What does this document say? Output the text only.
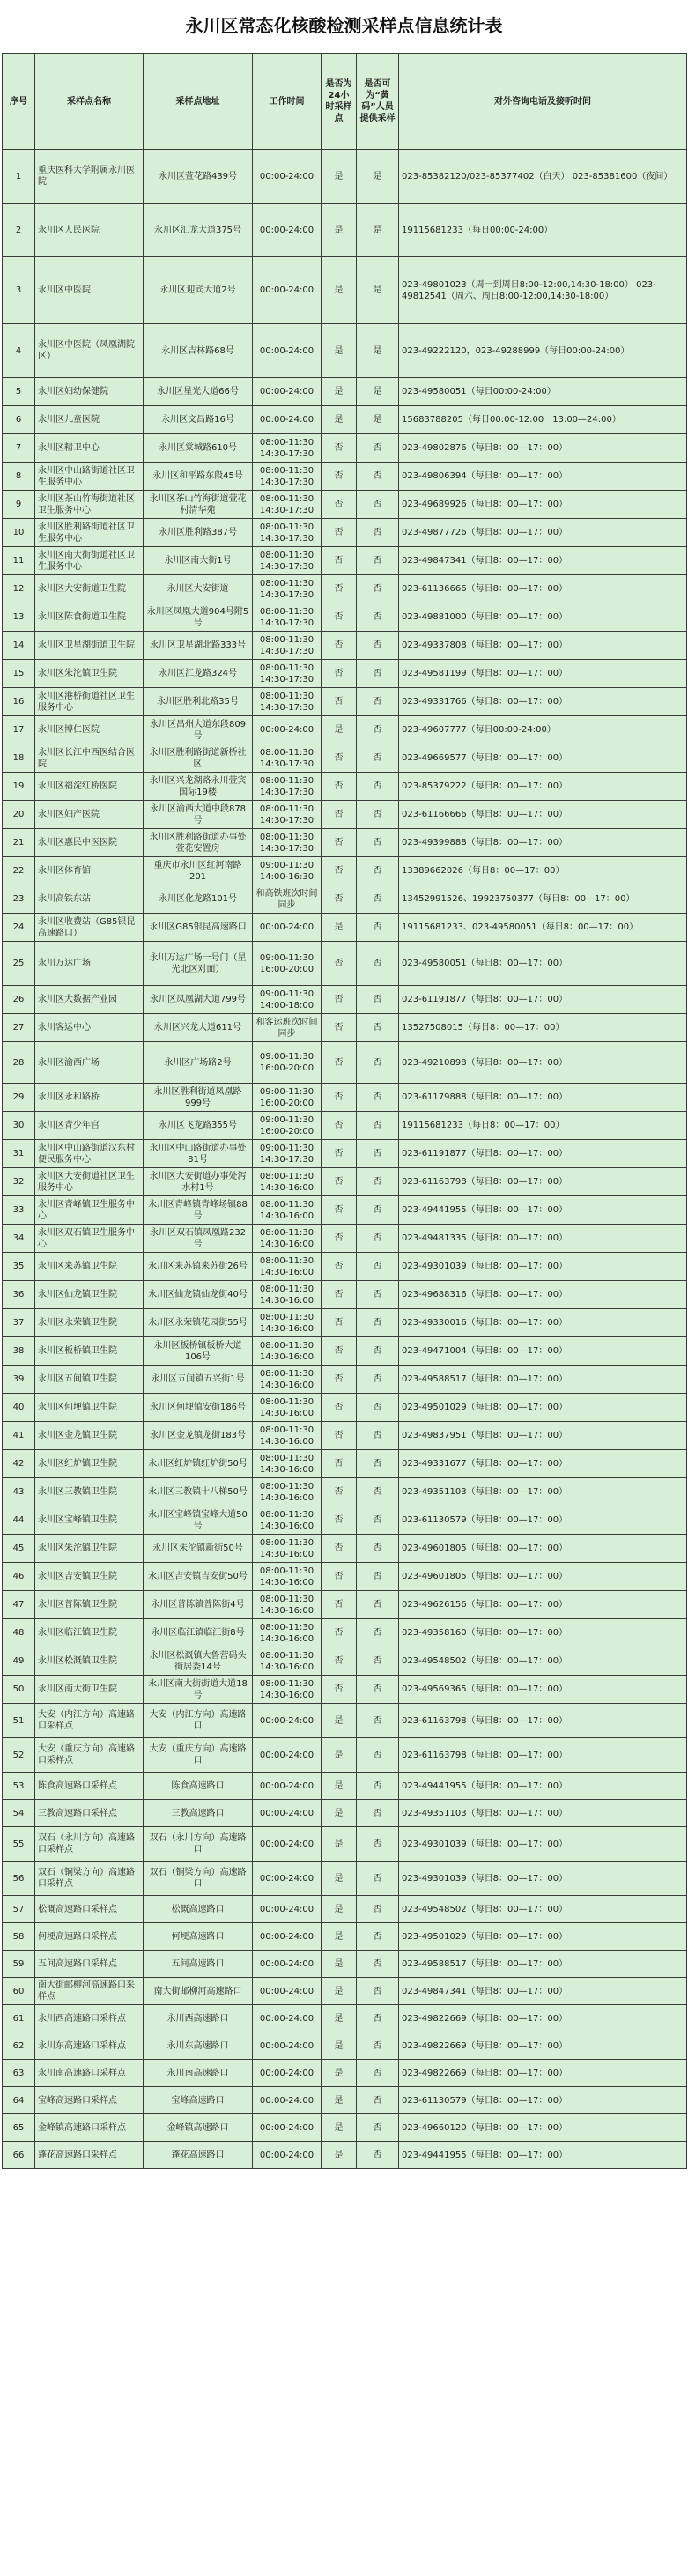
永川区常态化核酸检测采样点信息统计表
序号	采样点名称	采样点地址	工作时间	是否为24小时采样点	是否可为“黄码”人员提供采样	对外咨询电话及接听时间
1	重庆医科大学附属永川医院	永川区萱花路439号	00:00-24:00	是	是	023-85382120/023-85377402（白天） 023-85381600（夜间）
2	永川区人民医院	永川区汇龙大道375号	00:00-24:00	是	是	19115681233（每日00:00-24:00）
3	永川区中医院	永川区迎宾大道2号	00:00-24:00	是	是	023-49801023（周一到周日8:00-12:00,14:30-18:00） 023-49812541（周六、周日8:00-12:00,14:30-18:00）
4	永川区中医院（凤凰湖院区）	永川区吉林路68号	00:00-24:00	是	是	023-49222120，023-49288999（每日00:00-24:00）
5	永川区妇幼保健院	永川区星光大道66号	00:00-24:00	是	是	023-49580051（每日00:00-24:00）
6	永川区儿童医院	永川区文昌路16号	00:00-24:00	是	是	15683788205（每日00:00-12:00　13:00—24:00）
7	永川区精卫中心	永川区棠城路610号	08:00-11:30 14:30-17:30	否	否	023-49802876（每日8：00—17：00）
8	永川区中山路街道社区卫生服务中心	永川区和平路东段45号	08:00-11:30 14:30-17:30	否	否	023-49806394（每日8：00—17：00）
9	永川区茶山竹海街道社区卫生服务中心	永川区茶山竹海街道萱花村清华苑	08:00-11:30 14:30-17:30	否	否	023-49689926（每日8：00—17：00）
10	永川区胜利路街道社区卫生服务中心	永川区胜利路387号	08:00-11:30 14:30-17:30	否	否	023-49877726（每日8：00—17：00）
11	永川区南大街街道社区卫生服务中心	永川区南大街1号	08:00-11:30 14:30-17:30	否	否	023-49847341（每日8：00—17：00）
12	永川区大安街道卫生院	永川区大安街道	08:00-11:30 14:30-17:30	否	否	023-61136666（每日8：00—17：00）
13	永川区陈食街道卫生院	永川区凤凰大道904号附5号	08:00-11:30 14:30-17:30	否	否	023-49881000（每日8：00—17：00）
14	永川区卫星湖街道卫生院	永川区卫星湖北路333号	08:00-11:30 14:30-17:30	否	否	023-49337808（每日8：00—17：00）
15	永川区朱沱镇卫生院	永川区汇龙路324号	08:00-11:30 14:30-17:30	否	否	023-49581199（每日8：00—17：00）
16	永川区港桥街道社区卫生服务中心	永川区胜利北路35号	08:00-11:30 14:30-17:30	否	否	023-49331766（每日8：00—17：00）
17	永川区博仁医院	永川区昌州大道东段809号	00:00-24:00	是	否	023-49607777（每日00:00-24:00）
18	永川区长江中西医结合医院	永川区胜利路街道新桥社区	08:00-11:30 14:30-17:30	否	否	023-49669577（每日8：00—17：00）
19	永川区福淀红桥医院	永川区兴龙湖路永川萱宾国际19楼	08:00-11:30 14:30-17:30	否	否	023-85379222（每日8：00—17：00）
20	永川区妇产医院	永川区渝西大道中段878号	08:00-11:30 14:30-17:30	否	否	023-61166666（每日8：00—17：00）
21	永川区惠民中医医院	永川区胜利路街道办事处萱花安置房	08:00-11:30 14:30-17:30	否	否	023-49399888（每日8：00—17：00）
22	永川区体育馆	重庆市永川区红河南路201	09:00-11:30 14:00-16:30	否	否	13389662026（每日8：00—17：00）
23	永川高铁东站	永川区化龙路101号	和高铁班次时间同步	否	否	13452991526、19923750377（每日8：00—17：00）
24	永川区收费站（G85银昆高速路口）	永川区G85银昆高速路口	00:00-24:00	是	否	19115681233、023-49580051（每日8：00—17：00）
25	永川万达广场	永川万达广场一号门（星光北区对面）	09:00-11:30 16:00-20:00	否	否	023-49580051（每日8：00—17：00）
26	永川区大数据产业园	永川区凤凰湖大道799号	09:00-11:30 14:00-18:00	否	否	023-61191877（每日8：00—17：00）
27	永川客运中心	永川区兴龙大道611号	和客运班次时间同步	否	否	13527508015（每日8：00—17：00）
28	永川区渝西广场	永川区广场路2号	09:00-11:30 16:00-20:00	否	否	023-49210898（每日8：00—17：00）
29	永川区永和路桥	永川区胜利街道凤凰路999号	09:00-11:30 16:00-20:00	否	否	023-61179888（每日8：00—17：00）
30	永川区青少年宫	永川区飞龙路355号	09:00-11:30 16:00-20:00	否	否	19115681233（每日8：00—17：00）
31	永川区中山路街道汉东村便民服务中心	永川区中山路街道办事处81号	09:00-11:30 14:30-17:30	否	否	023-61191877（每日8：00—17：00）
32	永川区大安街道社区卫生服务中心	永川区大安街道办事处泻水村1号	08:00-11:30 14:30-16:00	否	否	023-61163798（每日8：00—17：00）
33	永川区青峰镇卫生服务中心	永川区青峰镇青峰场镇88号	08:00-11:30 14:30-16:00	否	否	023-49441955（每日8：00—17：00）
34	永川区双石镇卫生服务中心	永川区双石镇凤凰路232号	08:00-11:30 14:30-16:00	否	否	023-49481335（每日8：00—17：00）
35	永川区来苏镇卫生院	永川区来苏镇来苏街26号	08:00-11:30 14:30-16:00	否	否	023-49301039（每日8：00—17：00）
36	永川区仙龙镇卫生院	永川区仙龙镇仙龙街40号	08:00-11:30 14:30-16:00	否	否	023-49688316（每日8：00—17：00）
37	永川区永荣镇卫生院	永川区永荣镇花园街55号	08:00-11:30 14:30-16:00	否	否	023-49330016（每日8：00—17：00）
38	永川区板桥镇卫生院	永川区板桥镇板桥大道106号	08:00-11:30 14:30-16:00	否	否	023-49471004（每日8：00—17：00）
39	永川区五间镇卫生院	永川区五间镇五兴街1号	08:00-11:30 14:30-16:00	否	否	023-49588517（每日8：00—17：00）
40	永川区何埂镇卫生院	永川区何埂镇安街186号	08:00-11:30 14:30-16:00	否	否	023-49501029（每日8：00—17：00）
41	永川区金龙镇卫生院	永川区金龙镇龙街183号	08:00-11:30 14:30-16:00	否	否	023-49837951（每日8：00—17：00）
42	永川区红炉镇卫生院	永川区红炉镇红炉街50号	08:00-11:30 14:30-16:00	否	否	023-49331677（每日8：00—17：00）
43	永川区三教镇卫生院	永川区三教镇十八梯50号	08:00-11:30 14:30-16:00	否	否	023-49351103（每日8：00—17：00）
44	永川区宝峰镇卫生院	永川区宝峰镇宝峰大道50号	08:00-11:30 14:30-16:00	否	否	023-61130579（每日8：00—17：00）
45	永川区朱沱镇卫生院	永川区朱沱镇新街50号	08:00-11:30 14:30-16:00	否	否	023-49601805（每日8：00—17：00）
46	永川区吉安镇卫生院	永川区吉安镇吉安街50号	08:00-11:30 14:30-16:00	否	否	023-49601805（每日8：00—17：00）
47	永川区普陈镇卫生院	永川区普陈镇普陈街4号	08:00-11:30 14:30-16:00	否	否	023-49626156（每日8：00—17：00）
48	永川区临江镇卫生院	永川区临江镇临江街8号	08:00-11:30 14:30-16:00	否	否	023-49358160（每日8：00—17：00）
49	永川区松溉镇卫生院	永川区松溉镇大鲁营码头街居委14号	08:00-11:30 14:30-16:00	否	否	023-49548502（每日8：00—17：00）
50	永川区南大街卫生院	永川区南大街街道大道18号	08:00-11:30 14:30-16:00	否	否	023-49569365（每日8：00—17：00）
51	大安（内江方向）高速路口采样点	大安（内江方向）高速路口	00:00-24:00	是	否	023-61163798（每日8：00—17：00）
52	大安（重庆方向）高速路口采样点	大安（重庆方向）高速路口	00:00-24:00	是	否	023-61163798（每日8：00—17：00）
53	陈食高速路口采样点	陈食高速路口	00:00-24:00	是	否	023-49441955（每日8：00—17：00）
54	三教高速路口采样点	三教高速路口	00:00-24:00	是	否	023-49351103（每日8：00—17：00）
55	双石（永川方向）高速路口采样点	双石（永川方向）高速路口	00:00-24:00	是	否	023-49301039（每日8：00—17：00）
56	双石（铜梁方向）高速路口采样点	双石（铜梁方向）高速路口	00:00-24:00	是	否	023-49301039（每日8：00—17：00）
57	松溉高速路口采样点	松溉高速路口	00:00-24:00	是	否	023-49548502（每日8：00—17：00）
58	何埂高速路口采样点	何埂高速路口	00:00-24:00	是	否	023-49501029（每日8：00—17：00）
59	五间高速路口采样点	五间高速路口	00:00-24:00	是	否	023-49588517（每日8：00—17：00）
60	南大街邮柳河高速路口采样点	南大街邮柳河高速路口	00:00-24:00	是	否	023-49847341（每日8：00—17：00）
61	永川西高速路口采样点	永川西高速路口	00:00-24:00	是	否	023-49822669（每日8：00—17：00）
62	永川东高速路口采样点	永川东高速路口	00:00-24:00	是	否	023-49822669（每日8：00—17：00）
63	永川南高速路口采样点	永川南高速路口	00:00-24:00	是	否	023-49822669（每日8：00—17：00）
64	宝峰高速路口采样点	宝峰高速路口	00:00-24:00	是	否	023-61130579（每日8：00—17：00）
65	金峰镇高速路口采样点	金峰镇高速路口	00:00-24:00	是	否	023-49660120（每日8：00—17：00）
66	蓬花高速路口采样点	蓬花高速路口	00:00-24:00	是	否	023-49441955（每日8：00—17：00）
